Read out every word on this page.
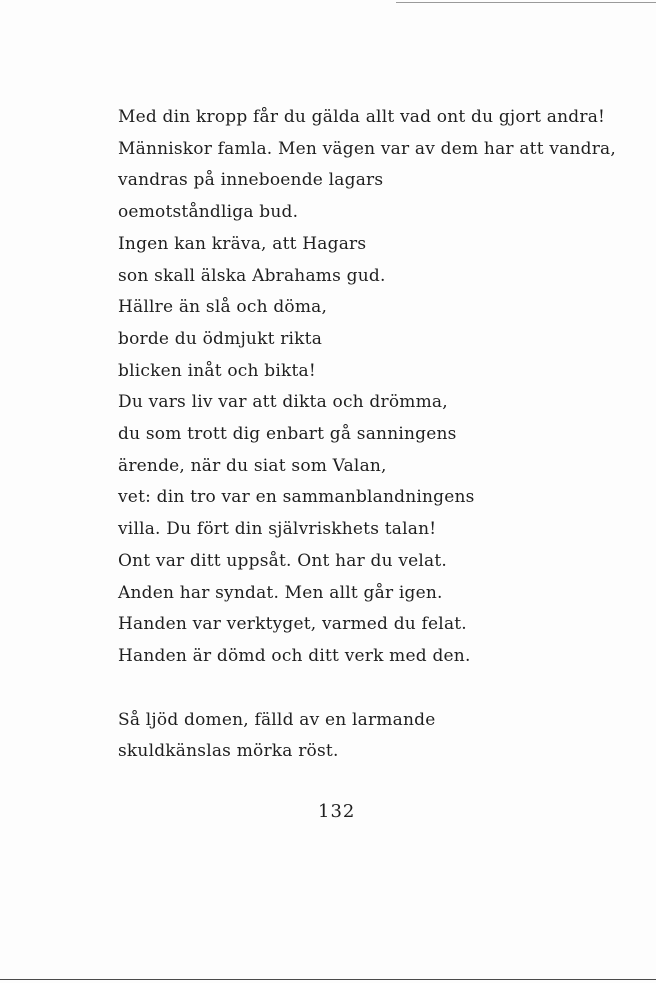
Med din kropp får du gälda allt vad ont du gjort andra!
Människor famla. Men vägen var av dem har att vandra,
vandras på inneboende lagars
oemotståndliga bud.
Ingen kan kräva, att Hagars
son skall älska Abrahams gud.
Hällre än slå och döma,
borde du ödmjukt rikta
blicken inåt och bikta!
Du vars liv var att dikta och drömma,
du som trott dig enbart gå sanningens
ärende, när du siat som Valan,
vet: din tro var en sammanblandningens
villa. Du fört din självriskhets talan!
Ont var ditt uppsåt. Ont har du velat.
Anden har syndat. Men allt går igen.
Handen var verktyget, varmed du felat.
Handen är dömd och ditt verk med den.
Så ljöd domen, fälld av en larmande
skuldkänslas mörka röst.
132
